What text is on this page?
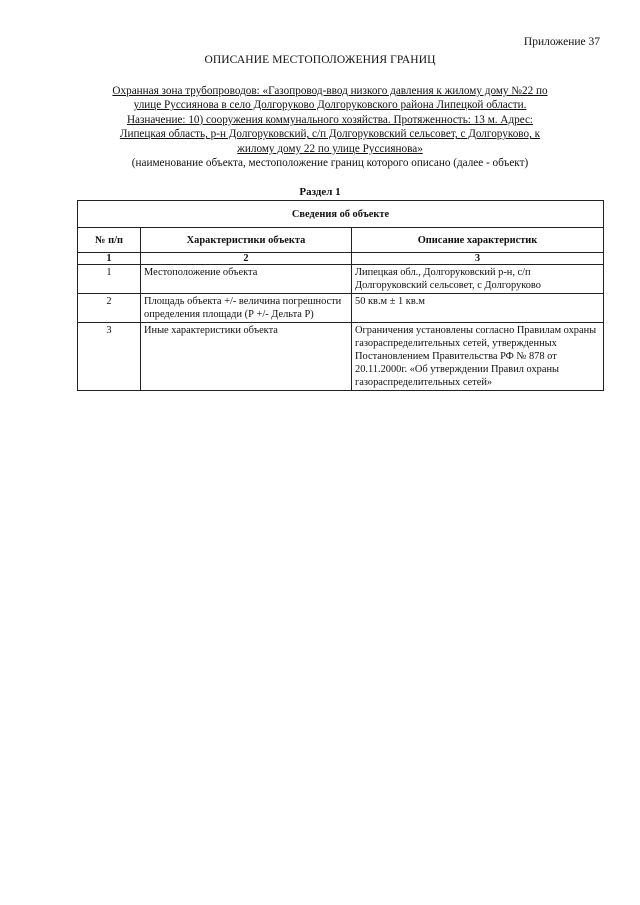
Приложение 37
ОПИСАНИЕ МЕСТОПОЛОЖЕНИЯ ГРАНИЦ
Охранная зона трубопроводов: «Газопровод-ввод низкого давления к жилому дому №22 по
улице Руссиянова в село Долгоруково Долгоруковского района Липецкой области.
Назначение: 10) сооружения коммунального хозяйства. Протяженность: 13 м. Адрес:
Липецкая область, р-н Долгоруковский, с/п Долгоруковский сельсовет, с Долгоруково, к
жилому дому 22 по улице Руссиянова»
(наименование объекта, местоположение границ которого описано (далее - объект)
Раздел 1
Сведения об объекте		
№ п/п	Характеристики объекта	Описание характеристик
1	2	3
1	Местоположение объекта	Липецкая обл., Долгоруковский р-н, с/п Долгоруковский сельсовет, с Долгоруково
2	Площадь объекта +/- величина погрешности определения площади (Р +/- Дельта Р)	50 кв.м ± 1 кв.м
3	Иные характеристики объекта	Ограничения установлены согласно Правилам охраны газораспределительных сетей, утвержденных Постановлением Правительства РФ № 878 от 20.11.2000г. «Об утверждении Правил охраны газораспределительных сетей»
